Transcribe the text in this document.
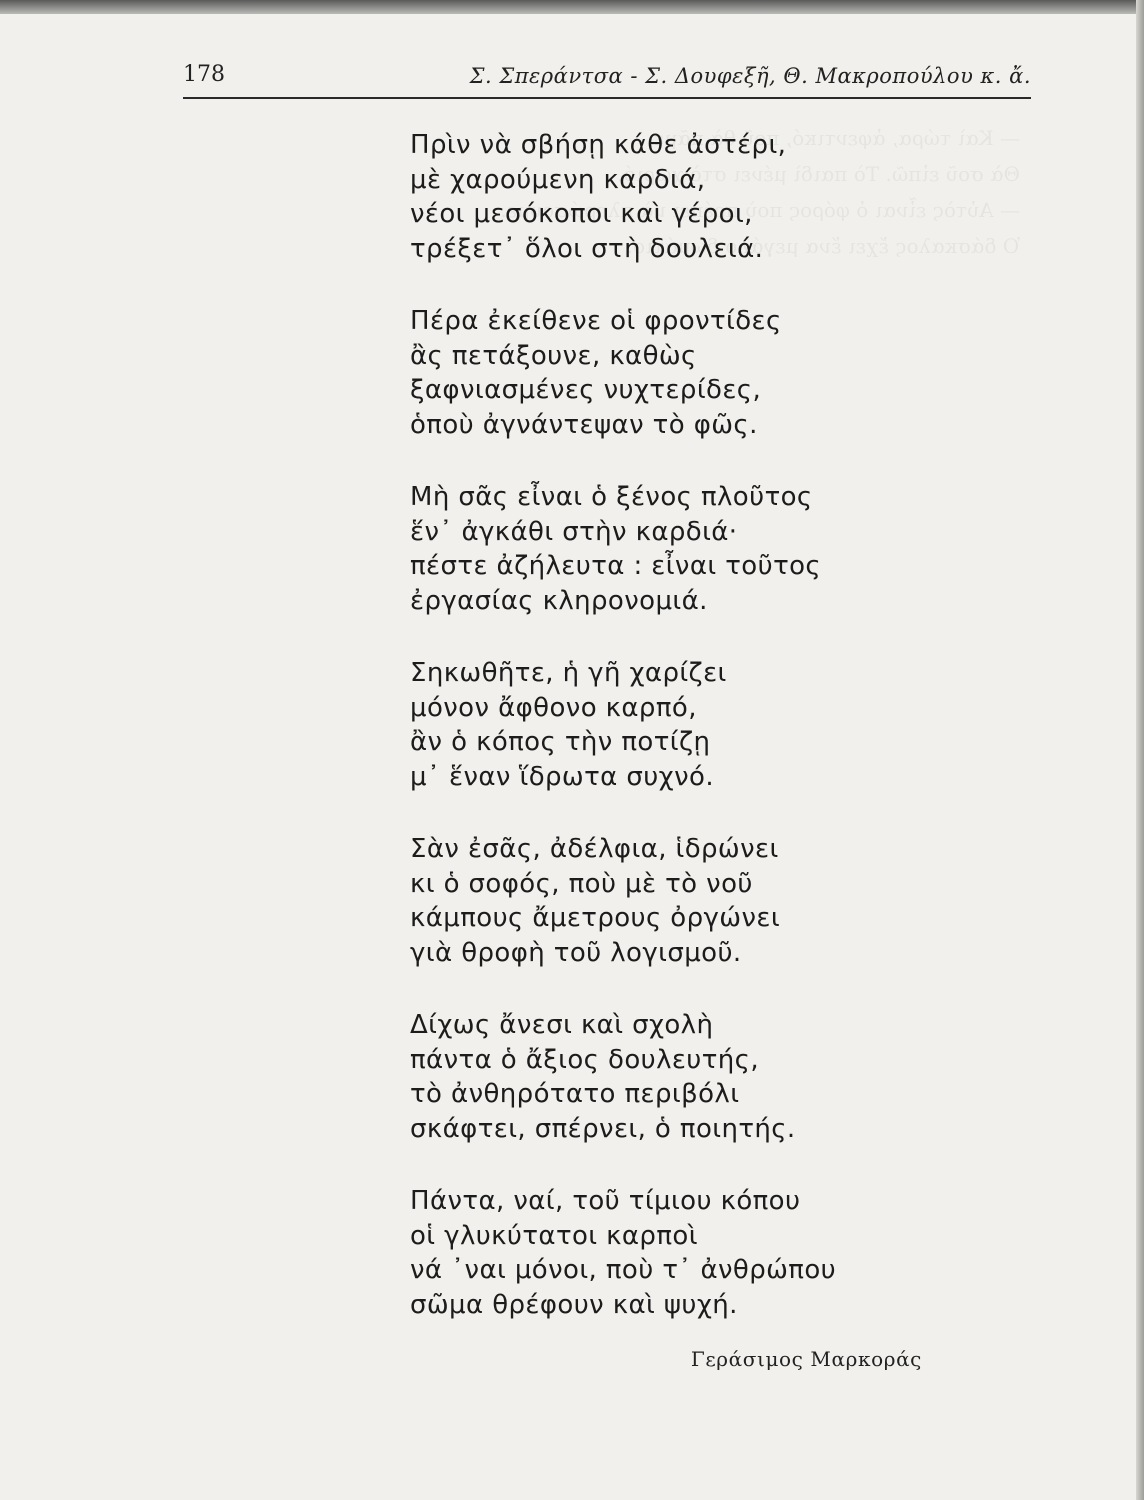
178	Σ. Σπεράντσα - Σ. Δουφεξῆ, Θ. Μακροπούλου κ. ἄ.
Πρὶν νὰ σβήσῃ κάθε ἀστέρι,
μὲ χαρούμενη καρδιά,
νέοι μεσόκοποι καὶ γέροι,
τρέξετ᾽ ὅλοι στὴ δουλειά.
Πέρα ἐκείθενε οἱ φροντίδες
ἂς πετάξουνε, καθὼς
ξαφνιασμένες νυχτερίδες,
ὁποὺ ἀγνάντεψαν τὸ φῶς.
Μὴ σᾶς εἶναι ὁ ξένος πλοῦτος
ἕν᾽ ἀγκάθι στὴν καρδιά·
πέστε ἀζήλευτα : εἶναι τοῦτος
ἐργασίας κληρονομιά.
Σηκωθῆτε, ἡ γῆ χαρίζει
μόνον ἄφθονο καρπό,
ἂν ὁ κόπος τὴν ποτίζῃ
μ᾽ ἕναν ἵδρωτα συχνό.
Σὰν ἐσᾶς, ἀδέλφια, ἱδρώνει
κι ὁ σοφός, ποὺ μὲ τὸ νοῦ
κάμπους ἄμετρους ὀργώνει
γιὰ θροφὴ τοῦ λογισμοῦ.
Δίχως ἄνεσι καὶ σχολὴ
πάντα ὁ ἄξιος δουλευτής,
τὸ ἀνθηρότατο περιβόλι
σκάφτει, σπέρνει, ὁ ποιητής.
Πάντα, ναί, τοῦ τίμιου κόπου
οἱ γλυκύτατοι καρποὶ
νά ᾽ναι μόνοι, ποὺ τ᾽ ἀνθρώπου
σῶμα θρέφουν καὶ ψυχή.
Γεράσιμος Μαρκοράς
